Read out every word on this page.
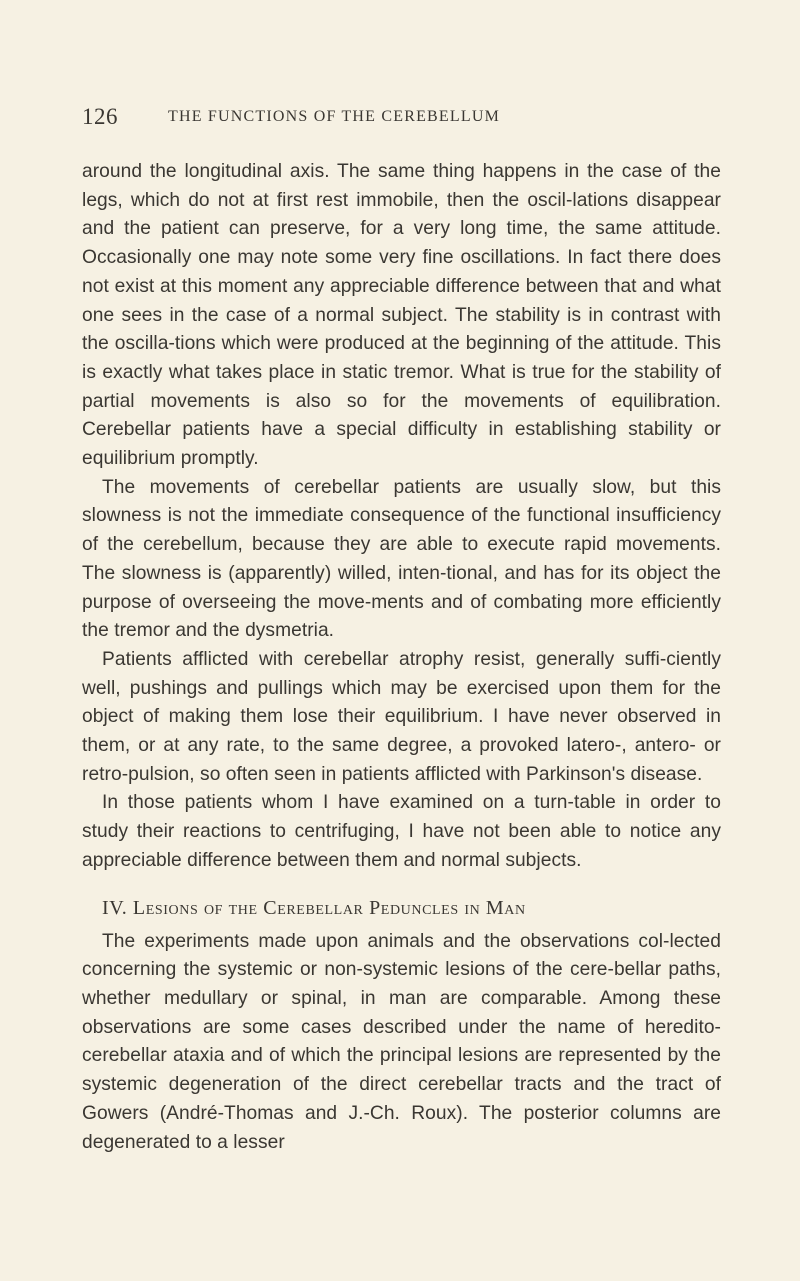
126	THE FUNCTIONS OF THE CEREBELLUM

around the longitudinal axis. The same thing happens in the case of the legs, which do not at first rest immobile, then the oscil-lations disappear and the patient can preserve, for a very long time, the same attitude. Occasionally one may note some very fine oscillations. In fact there does not exist at this moment any appreciable difference between that and what one sees in the case of a normal subject. The stability is in contrast with the oscilla-tions which were produced at the beginning of the attitude. This is exactly what takes place in static tremor. What is true for the stability of partial movements is also so for the movements of equilibration. Cerebellar patients have a special difficulty in establishing stability or equilibrium promptly.

The movements of cerebellar patients are usually slow, but this slowness is not the immediate consequence of the functional insufficiency of the cerebellum, because they are able to execute rapid movements. The slowness is (apparently) willed, inten-tional, and has for its object the purpose of overseeing the move-ments and of combating more efficiently the tremor and the dysmetria.

Patients afflicted with cerebellar atrophy resist, generally suffi-ciently well, pushings and pullings which may be exercised upon them for the object of making them lose their equilibrium. I have never observed in them, or at any rate, to the same degree, a provoked latero-, antero- or retro-pulsion, so often seen in patients afflicted with Parkinson's disease.

In those patients whom I have examined on a turn-table in order to study their reactions to centrifuging, I have not been able to notice any appreciable difference between them and normal subjects.

IV. Lesions of the Cerebellar Peduncles in Man

The experiments made upon animals and the observations col-lected concerning the systemic or non-systemic lesions of the cere-bellar paths, whether medullary or spinal, in man are comparable. Among these observations are some cases described under the name of heredito-cerebellar ataxia and of which the principal lesions are represented by the systemic degeneration of the direct cerebellar tracts and the tract of Gowers (André-Thomas and J.-Ch. Roux). The posterior columns are degenerated to a lesser
